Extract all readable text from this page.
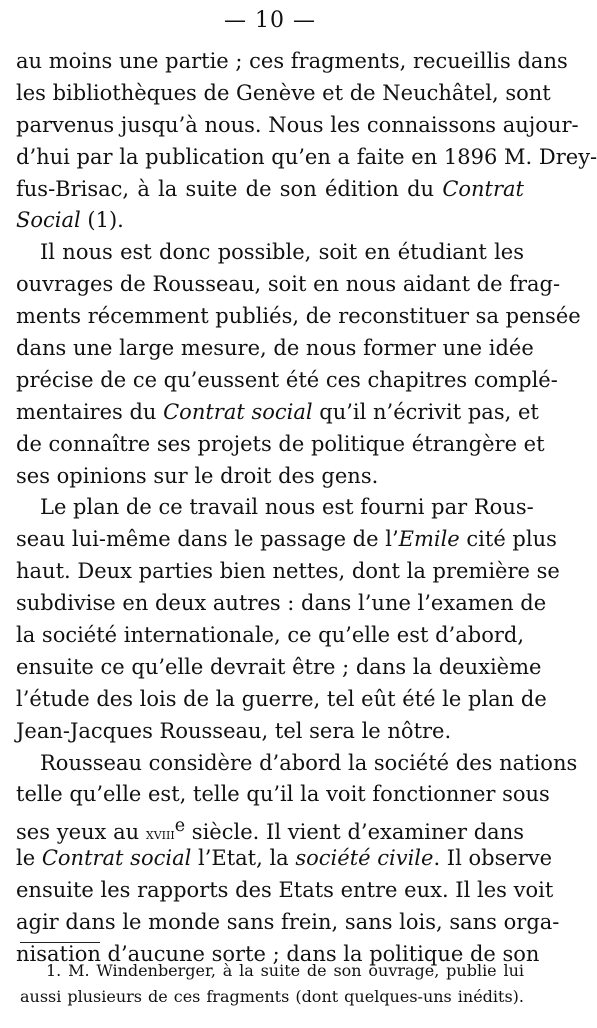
— 10 —
au moins une partie ; ces fragments, recueillis dans
les bibliothèques de Genève et de Neuchâtel, sont
parvenus jusqu’à nous. Nous les connaissons aujour-
d’hui par la publication qu’en a faite en 1896 M. Drey-
fus-Brisac, à la suite de son édition du Contrat
Social (1).
Il nous est donc possible, soit en étudiant les
ouvrages de Rousseau, soit en nous aidant de frag-
ments récemment publiés, de reconstituer sa pensée
dans une large mesure, de nous former une idée
précise de ce qu’eussent été ces chapitres complé-
mentaires du Contrat social qu’il n’écrivit pas, et
de connaître ses projets de politique étrangère et
ses opinions sur le droit des gens.
Le plan de ce travail nous est fourni par Rous-
seau lui-même dans le passage de l’Emile cité plus
haut. Deux parties bien nettes, dont la première se
subdivise en deux autres : dans l’une l’examen de
la société internationale, ce qu’elle est d’abord,
ensuite ce qu’elle devrait être ; dans la deuxième
l’étude des lois de la guerre, tel eût été le plan de
Jean-Jacques Rousseau, tel sera le nôtre.
Rousseau considère d’abord la société des nations
telle qu’elle est, telle qu’il la voit fonctionner sous
ses yeux au xviii$^e$ siècle. Il vient d’examiner dans
le Contrat social l’Etat, la société civile. Il observe
ensuite les rapports des Etats entre eux. Il les voit
agir dans le monde sans frein, sans lois, sans orga-
nisation d’aucune sorte ; dans la politique de son
1. M. Windenberger, à la suite de son ouvrage, publie lui
aussi plusieurs de ces fragments (dont quelques-uns inédits).
